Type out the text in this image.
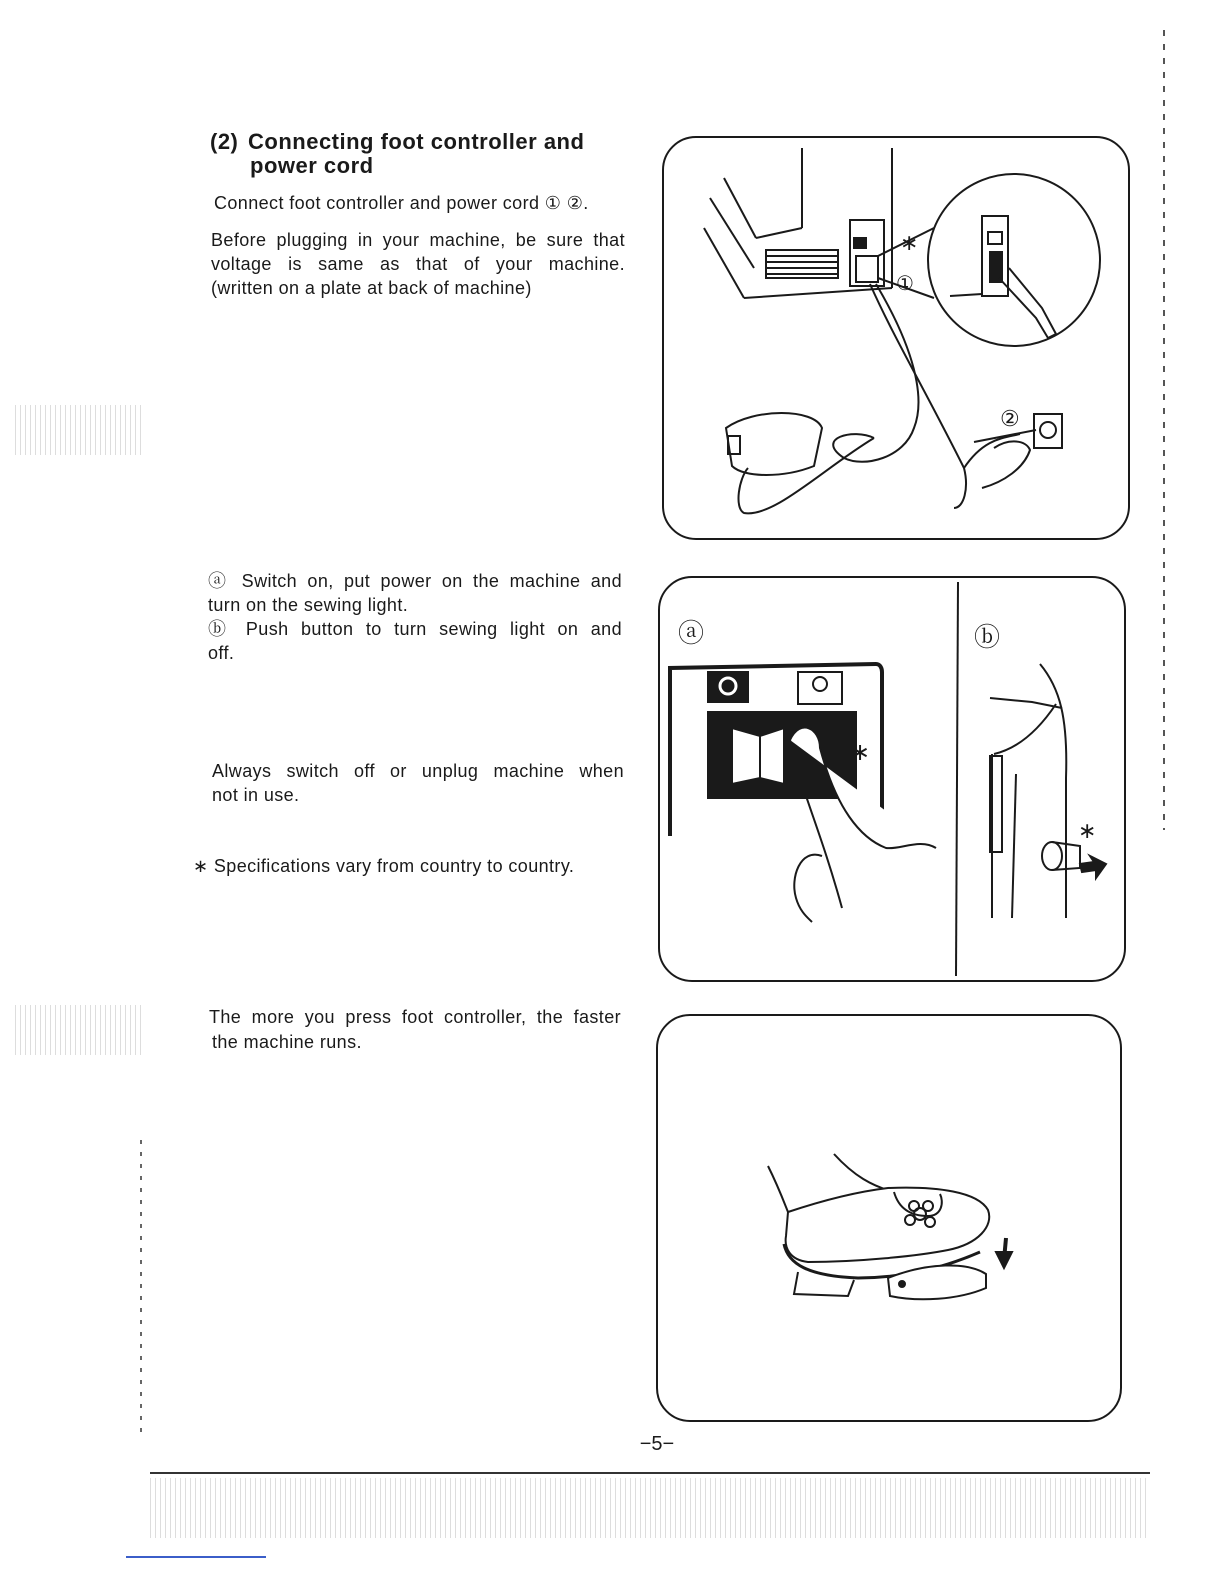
(2) Connecting foot controller and
power cord
Connect foot controller and power cord ① ②.
Before plugging in your machine, be sure that
voltage is same as that of your machine.
(written on a plate at back of machine)
ⓐ Switch on, put power on the machine and
turn on the sewing light.
ⓑ Push button to turn sewing light on and
off.
Always switch off or unplug machine when
not in use.
∗ Specifications vary from country to country.
The more you press foot controller, the faster
the machine runs.
∗
①
②
ⓐ	ⓑ
∗
∗
−5−
